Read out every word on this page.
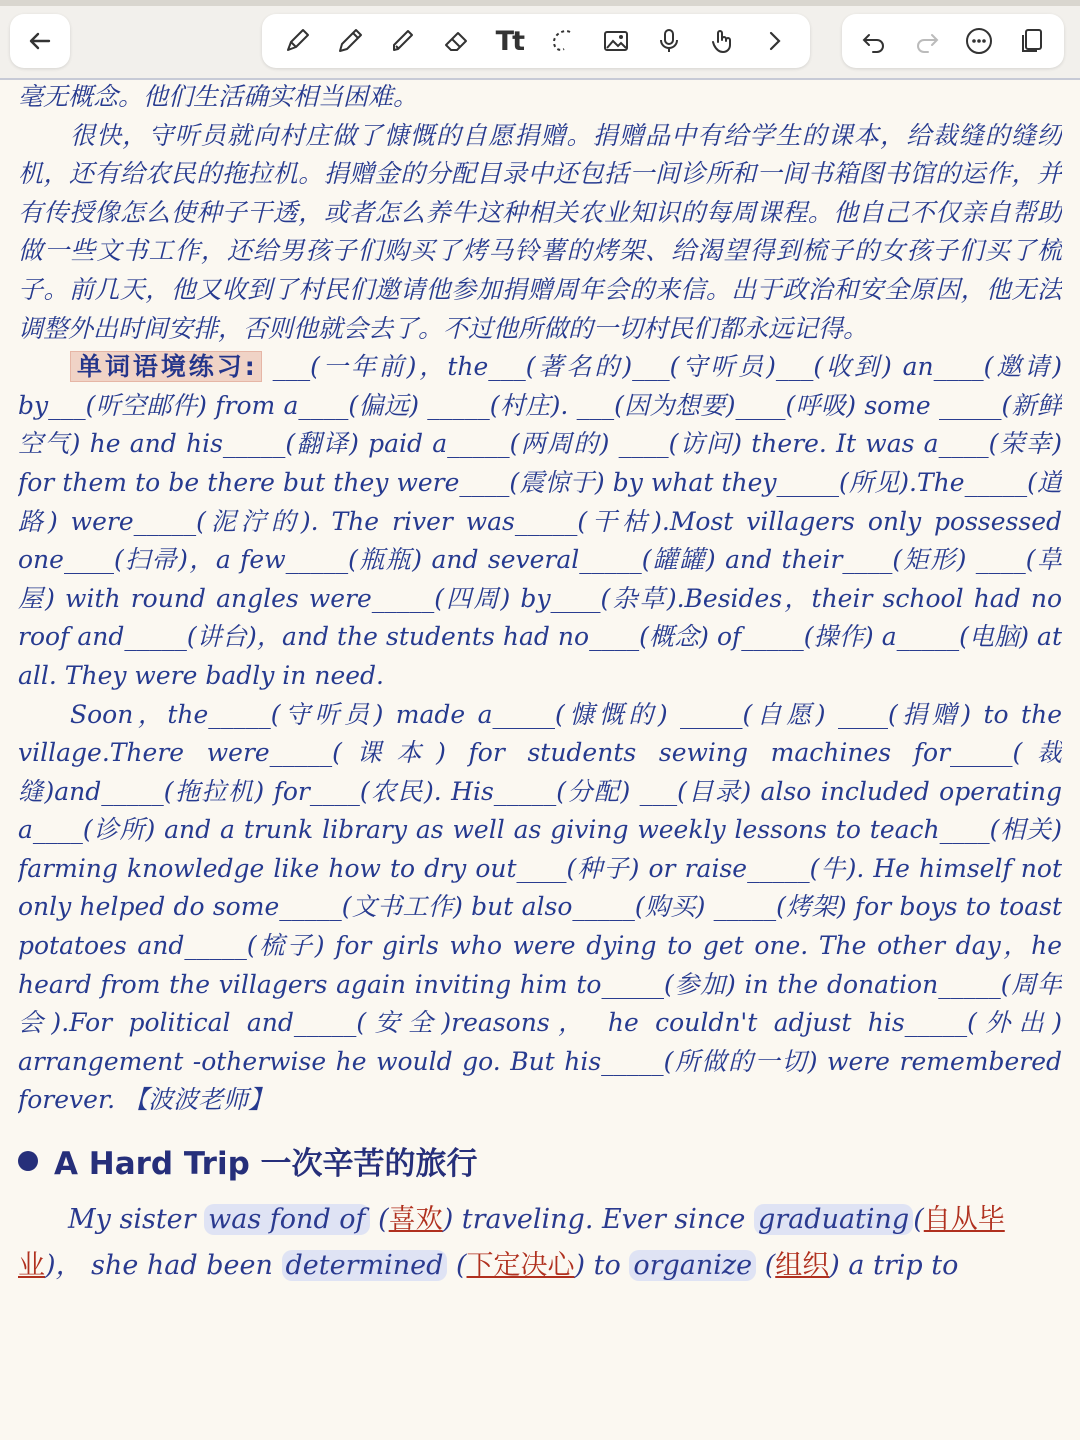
Tt

毫无概念。他们生活确实相当困难。

很快，守听员就向村庄做了慷慨的自愿捐赠。捐赠品中有给学生的课本，给裁缝的缝纫机，还有给农民的拖拉机。捐赠金的分配目录中还包括一间诊所和一间书箱图书馆的运作，并有传授像怎么使种子干透，或者怎么养牛这种相关农业知识的每周课程。他自己不仅亲自帮助做一些文书工作，还给男孩子们购买了烤马铃薯的烤架、给渴望得到梳子的女孩子们买了梳子。前几天，他又收到了村民们邀请他参加捐赠周年会的来信。出于政治和安全原因，他无法调整外出时间安排，否则他就会去了。不过他所做的一切村民们都永远记得。

单词语境练习: ___(一年前)，the___(著名的)___(守听员)___(收到) an____(邀请) by___(听空邮件) from a____(偏远) _____(村庄). ___(因为想要)____(呼吸) some _____(新鲜空气) he and his_____(翻译) paid a_____(两周的) ____(访问) there. It was a____(荣幸) for them to be there but they were____(震惊于) by what they_____(所见).The_____(道路) were_____(泥泞的). The river was_____(干枯).Most villagers only possessed one____(扫帚)，a few_____(瓶瓶) and several_____(罐罐) and their____(矩形) ____(草屋) with round angles were_____(四周) by____(杂草).Besides，their school had no roof and_____(讲台)，and the students had no____(概念) of_____(操作) a_____(电脑) at all. They were badly in need.

Soon，the_____(守听员) made a_____(慷慨的) _____(自愿) ____(捐赠) to the village.There were_____(课本) for students sewing machines for_____(裁缝)and_____(拖拉机) for____(农民). His_____(分配) ___(目录) also included operating a____(诊所) and a trunk library as well as giving weekly lessons to teach____(相关) farming knowledge like how to dry out____(种子) or raise_____(牛). He himself not only helped do some_____(文书工作) but also_____(购买) _____(烤架) for boys to toast potatoes and_____(梳子) for girls who were dying to get one. The other day，he heard from the villagers again inviting him to_____(参加) in the donation_____(周年会).For political and_____(安全)reasons， he couldn't adjust his_____(外出) arrangement -otherwise he would go. But his_____(所做的一切) were remembered forever. 【波波老师】

A Hard Trip 一次辛苦的旅行

My sister was fond of (喜欢) traveling. Ever since graduating (自从毕业)， she had been determined (下定决心) to organize (组织) a trip to
